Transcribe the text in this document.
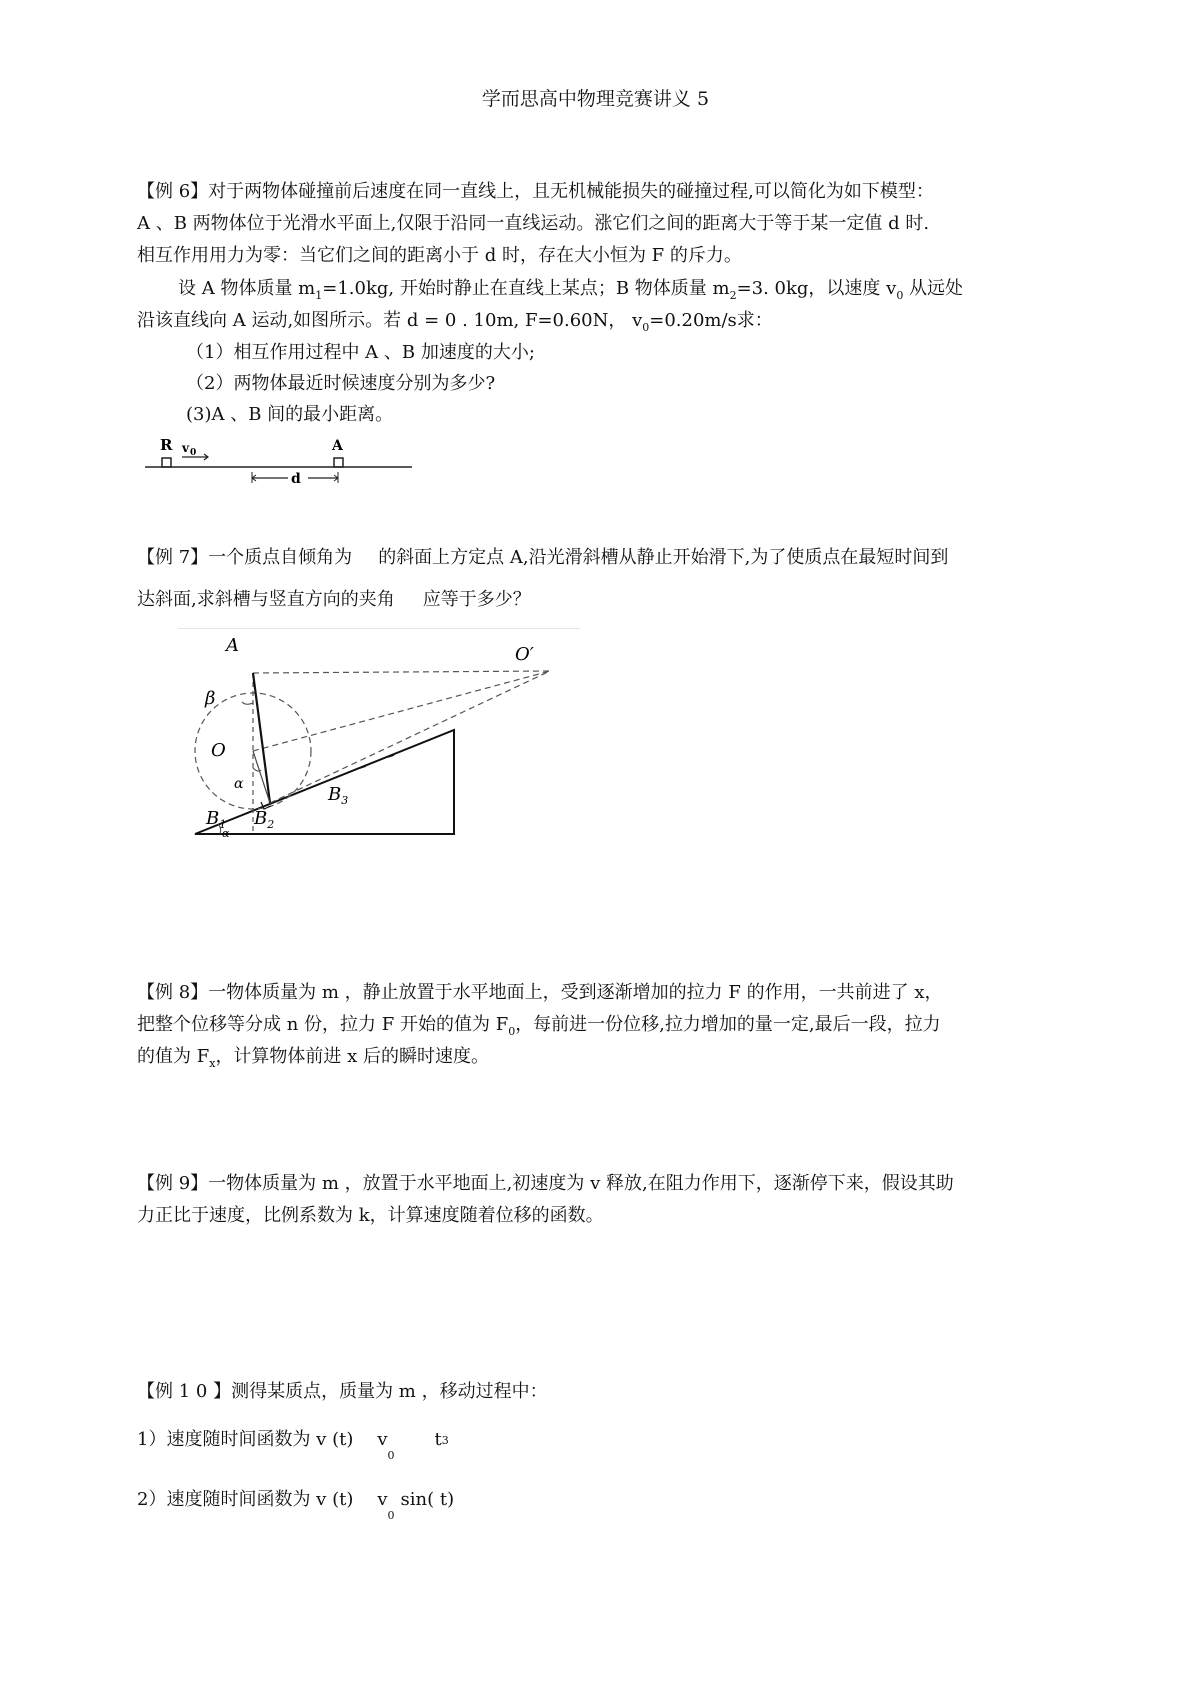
学而思高中物理竞赛讲义 5
【例 6】对于两物体碰撞前后速度在同一直线上，且无机械能损失的碰撞过程,可以简化为如下模型：
A 、B 两物体位于光滑水平面上,仅限于沿同一直线运动。涨它们之间的距离大于等于某一定值 d 时.
相互作用用力为零：当它们之间的距离小于 d 时，存在大小恒为 F 的斥力。
设 A 物体质量 $m_1=1.0kg$, 开始时静止在直线上某点；B 物体质量 $m_2=3$. 0kg，以速度 $v_0$ 从远处
沿该直线向 A 运动,如图所示。若 d = 0 . 10m, F=0.60N， $v_0=0.20m/s$求：
（1）相互作用过程中 A 、B 加速度的大小;
（2）两物体最近时候速度分别为多少?
(3)A 、B 间的最小距离。
R v 0	A
d
【例 7】一个质点自倾角为 的斜面上方定点 A,沿光滑斜槽从静止开始滑下,为了使质点在最短时间到
达斜面,求斜槽与竖直方向的夹角 应等于多少？
A
β
O
O′
α
$B_1$
α
$B_2$
$B_3$
【例 8】一物体质量为 m ，静止放置于水平地面上，受到逐渐增加的拉力 F 的作用，一共前进了 x，
把整个位移等分成 n 份，拉力 F 开始的值为 $F_0$，每前进一份位移,拉力增加的量一定,最后一段，拉力
的值为 $F_x$，计算物体前进 x 后的瞬时速度。
【例 9】一物体质量为 m ，放置于水平地面上,初速度为 v 释放,在阻力作用下，逐渐停下来，假设其助
力正比于速度，比例系数为 k，计算速度随着位移的函数。
【例 1 0 】测得某质点，质量为 m ，移动过程中：
1）速度随时间函数为 v (t) $v_0t_3$
2）速度随时间函数为 v (t) $v_0\sin$( t)
